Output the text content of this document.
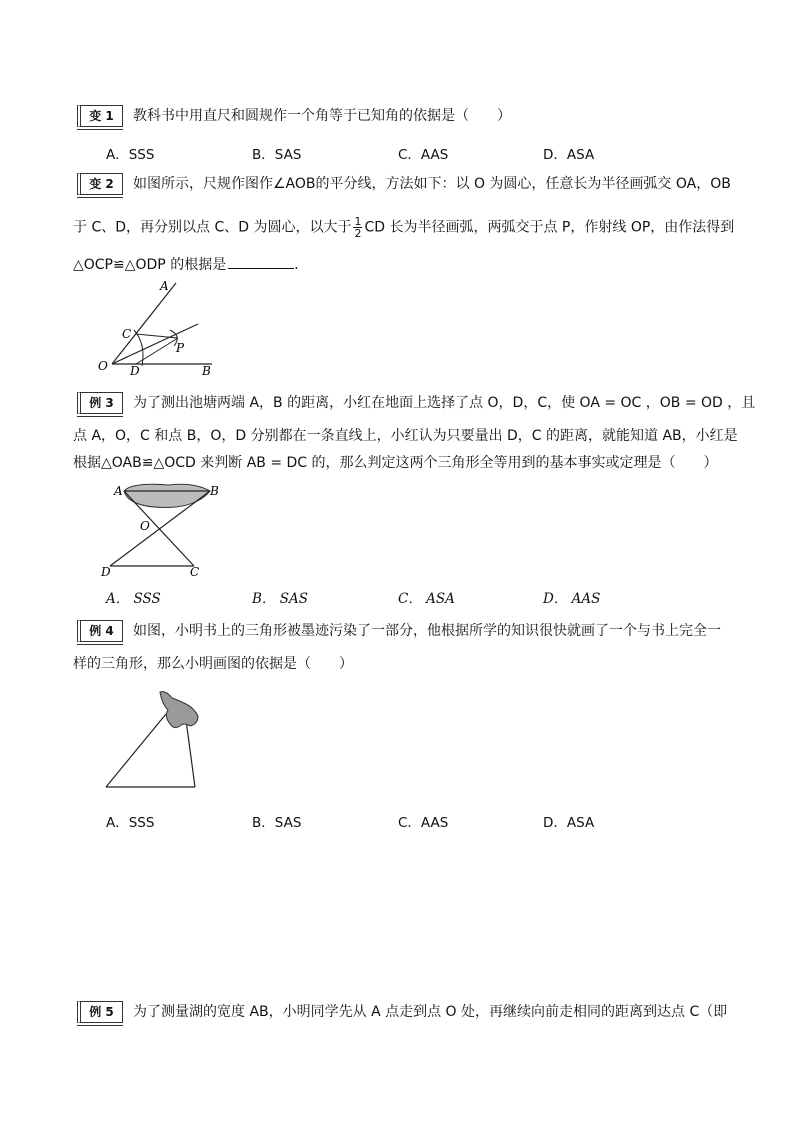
变 1	教科书中用直尺和圆规作一个角等于已知角的依据是（　　）
A．SSS	B．SAS	C．AAS	D．ASA
变 2	如图所示，尺规作图作∠AOB的平分线，方法如下：以 O 为圆心，任意长为半径画弧交 OA，OB
于 C、D，再分别以点 C、D 为圆心，以大于 $\frac{1}{2}$ CD 长为半径画弧，两弧交于点 P，作射线 OP，由作法得到
△OCP≌△ODP 的根据是	．
O
A
C
P
D	B
例 3	为了测出池塘两端 A，B 的距离，小红在地面上选择了点 O，D，C，使 OA = OC ，OB = OD ，且
点 A，O，C 和点 B，O，D 分别都在一条直线上，小红认为只要量出 D，C 的距离，就能知道 AB，小红是
根据△OAB≌△OCD 来判断 AB = DC 的，那么判定这两个三角形全等用到的基本事实或定理是（　　）
A	B
O
D	C
A． SSS	B． SAS	C． ASA	D． AAS
例 4	如图，小明书上的三角形被墨迹污染了一部分，他根据所学的知识很快就画了一个与书上完全一
样的三角形，那么小明画图的依据是（　　）
A．SSS	B．SAS	C．AAS	D．ASA
例 5	为了测量湖的宽度 AB，小明同学先从 A 点走到点 O 处，再继续向前走相同的距离到达点 C（即
